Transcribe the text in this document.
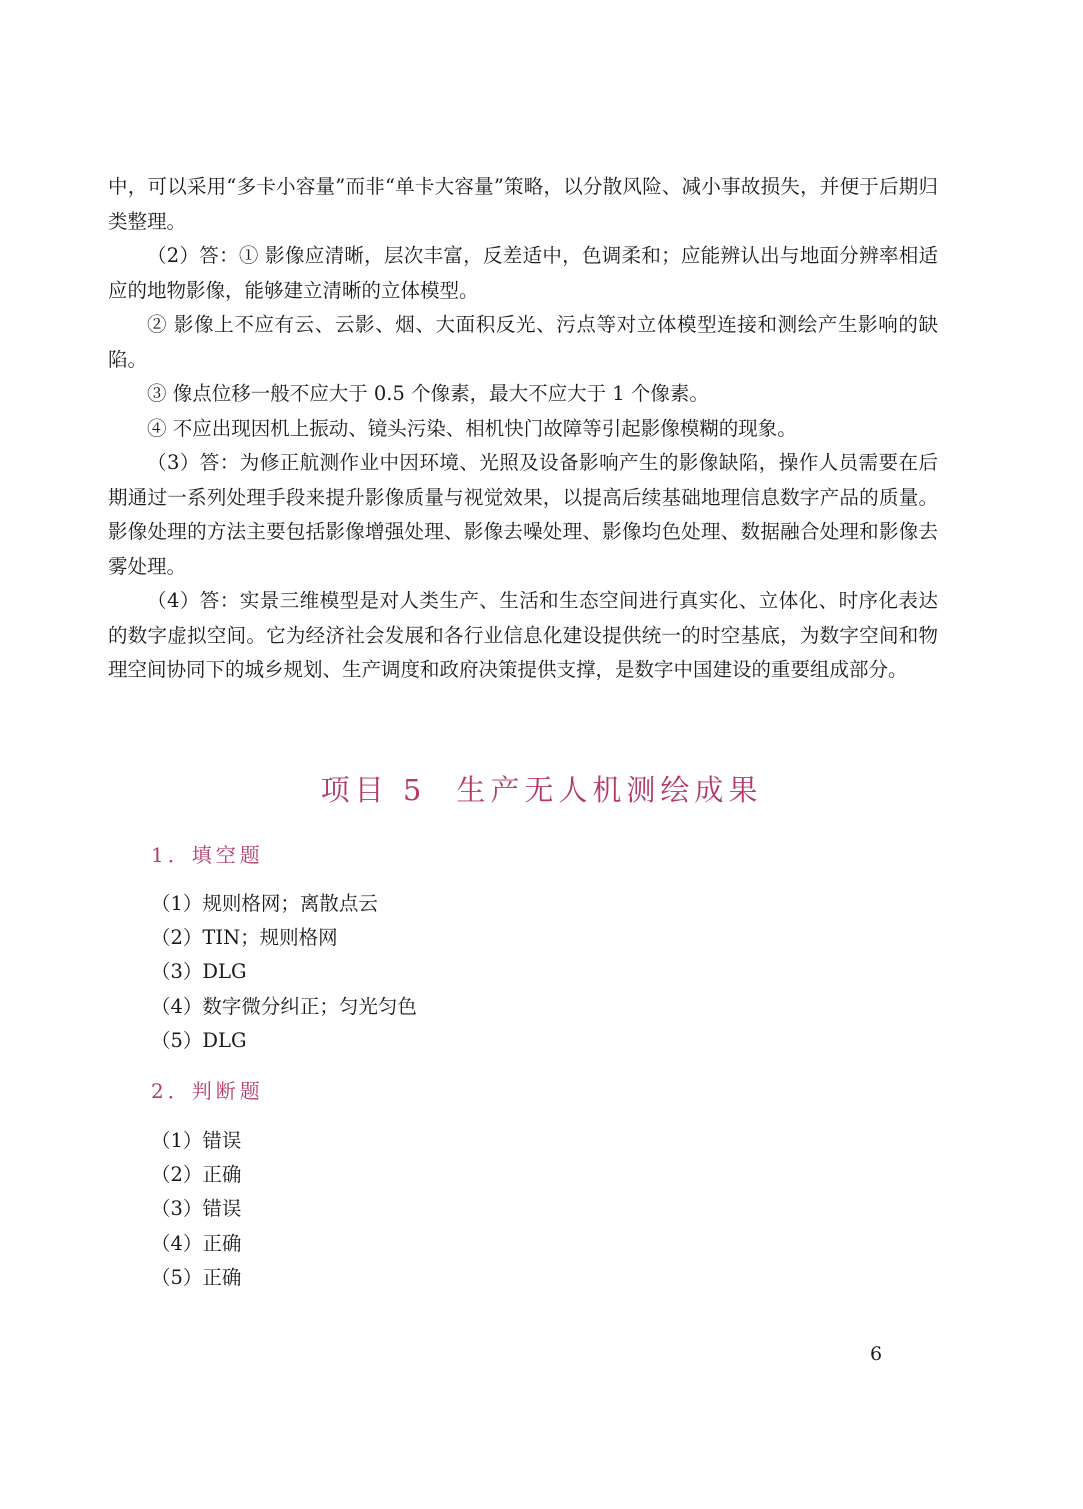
中，可以采用“多卡小容量”而非“单卡大容量”策略，以分散风险、减小事故损失，并便于后期归类整理。

（2）答：① 影像应清晰，层次丰富，反差适中，色调柔和；应能辨认出与地面分辨率相适应的地物影像，能够建立清晰的立体模型。

② 影像上不应有云、云影、烟、大面积反光、污点等对立体模型连接和测绘产生影响的缺陷。

③ 像点位移一般不应大于 0.5 个像素，最大不应大于 1 个像素。

④ 不应出现因机上振动、镜头污染、相机快门故障等引起影像模糊的现象。

（3）答：为修正航测作业中因环境、光照及设备影响产生的影像缺陷，操作人员需要在后期通过一系列处理手段来提升影像质量与视觉效果，以提高后续基础地理信息数字产品的质量。影像处理的方法主要包括影像增强处理、影像去噪处理、影像均色处理、数据融合处理和影像去雾处理。

（4）答：实景三维模型是对人类生产、生活和生态空间进行真实化、立体化、时序化表达的数字虚拟空间。它为经济社会发展和各行业信息化建设提供统一的时空基底，为数字空间和物理空间协同下的城乡规划、生产调度和政府决策提供支撑，是数字中国建设的重要组成部分。

项目 5 生产无人机测绘成果
1．填空题
（1）规则格网；离散点云
（2）TIN；规则格网
（3）DLG
（4）数字微分纠正；匀光匀色
（5）DLG
2．判断题
（1）错误
（2）正确
（3）错误
（4）正确
（5）正确
6
